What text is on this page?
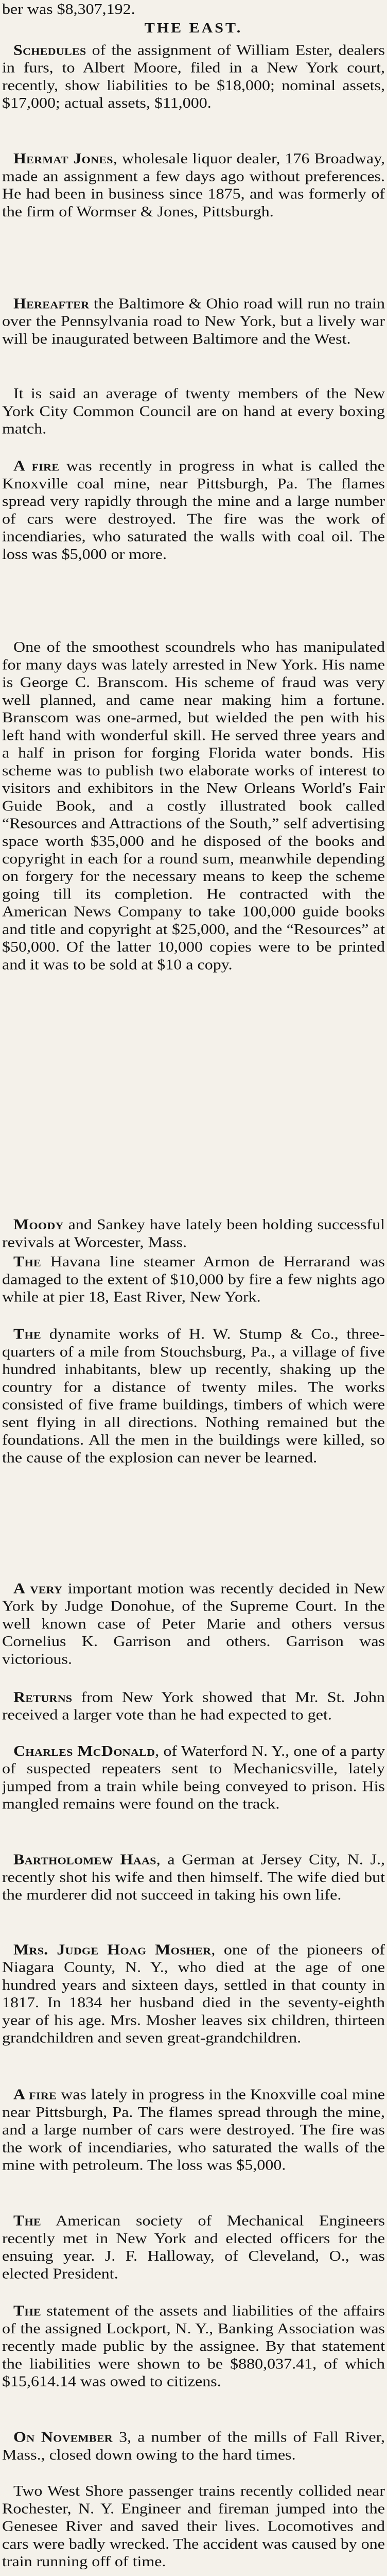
ber was $8,307,192.

THE EAST.

Schedules of the assignment of William Ester, dealers in furs, to Albert Moore, filed in a New York court, recently, show liabilities to be $18,000; nominal assets, $17,000; actual assets, $11,000.

Hermat Jones, wholesale liquor dealer, 176 Broadway, made an assignment a few days ago without preferences. He had been in business since 1875, and was formerly of the firm of Wormser & Jones, Pittsburgh.

Hereafter the Baltimore & Ohio road will run no train over the Pennsylvania road to New York, but a lively war will be inaugurated between Baltimore and the West.

It is said an average of twenty members of the New York City Common Council are on hand at every boxing match.

A fire was recently in progress in what is called the Knoxville coal mine, near Pittsburgh, Pa. The flames spread very rapidly through the mine and a large number of cars were destroyed. The fire was the work of incendiaries, who saturated the walls with coal oil. The loss was $5,000 or more.

One of the smoothest scoundrels who has manipulated for many days was lately arrested in New York. His name is George C. Branscom. His scheme of fraud was very well planned, and came near making him a fortune. Branscom was one-armed, but wielded the pen with his left hand with wonderful skill. He served three years and a half in prison for forging Florida water bonds. His scheme was to publish two elaborate works of interest to visitors and exhibitors in the New Orleans World's Fair Guide Book, and a costly illustrated book called “Resources and Attractions of the South,” self advertising space worth $35,000 and he disposed of the books and copyright in each for a round sum, meanwhile depending on forgery for the necessary means to keep the scheme going till its completion. He contracted with the American News Company to take 100,000 guide books and title and copyright at $25,000, and the “Resources” at $50,000. Of the latter 10,000 copies were to be printed and it was to be sold at $10 a copy.

Moody and Sankey have lately been holding successful revivals at Worcester, Mass.

The Havana line steamer Armon de Herrarand was damaged to the extent of $10,000 by fire a few nights ago while at pier 18, East River, New York.

The dynamite works of H. W. Stump & Co., three-quarters of a mile from Stouchsburg, Pa., a village of five hundred inhabitants, blew up recently, shaking up the country for a distance of twenty miles. The works consisted of five frame buildings, timbers of which were sent flying in all directions. Nothing remained but the foundations. All the men in the buildings were killed, so the cause of the explosion can never be learned.

A very important motion was recently decided in New York by Judge Donohue, of the Supreme Court. In the well known case of Peter Marie and others versus Cornelius K. Garrison and others. Garrison was victorious.

Returns from New York showed that Mr. St. John received a larger vote than he had expected to get.

Charles McDonald, of Waterford N. Y., one of a party of suspected repeaters sent to Mechanicsville, lately jumped from a train while being conveyed to prison. His mangled remains were found on the track.

Bartholomew Haas, a German at Jersey City, N. J., recently shot his wife and then himself. The wife died but the murderer did not succeed in taking his own life.

Mrs. Judge Hoag Mosher, one of the pioneers of Niagara County, N. Y., who died at the age of one hundred years and sixteen days, settled in that county in 1817. In 1834 her husband died in the seventy-eighth year of his age. Mrs. Mosher leaves six children, thirteen grandchildren and seven great-grandchildren.

A fire was lately in progress in the Knoxville coal mine near Pittsburgh, Pa. The flames spread through the mine, and a large number of cars were destroyed. The fire was the work of incendiaries, who saturated the walls of the mine with petroleum. The loss was $5,000.

The American society of Mechanical Engineers recently met in New York and elected officers for the ensuing year. J. F. Halloway, of Cleveland, O., was elected President.

The statement of the assets and liabilities of the affairs of the assigned Lockport, N. Y., Banking Association was recently made public by the assignee. By that statement the liabilities were shown to be $880,037.41, of which $15,614.14 was owed to citizens.

On November 3, a number of the mills of Fall River, Mass., closed down owing to the hard times.

Two West Shore passenger trains recently collided near Rochester, N. Y. Engineer and fireman jumped into the Genesee River and saved their lives. Locomotives and cars were badly wrecked. The accident was caused by one train running off of time.
